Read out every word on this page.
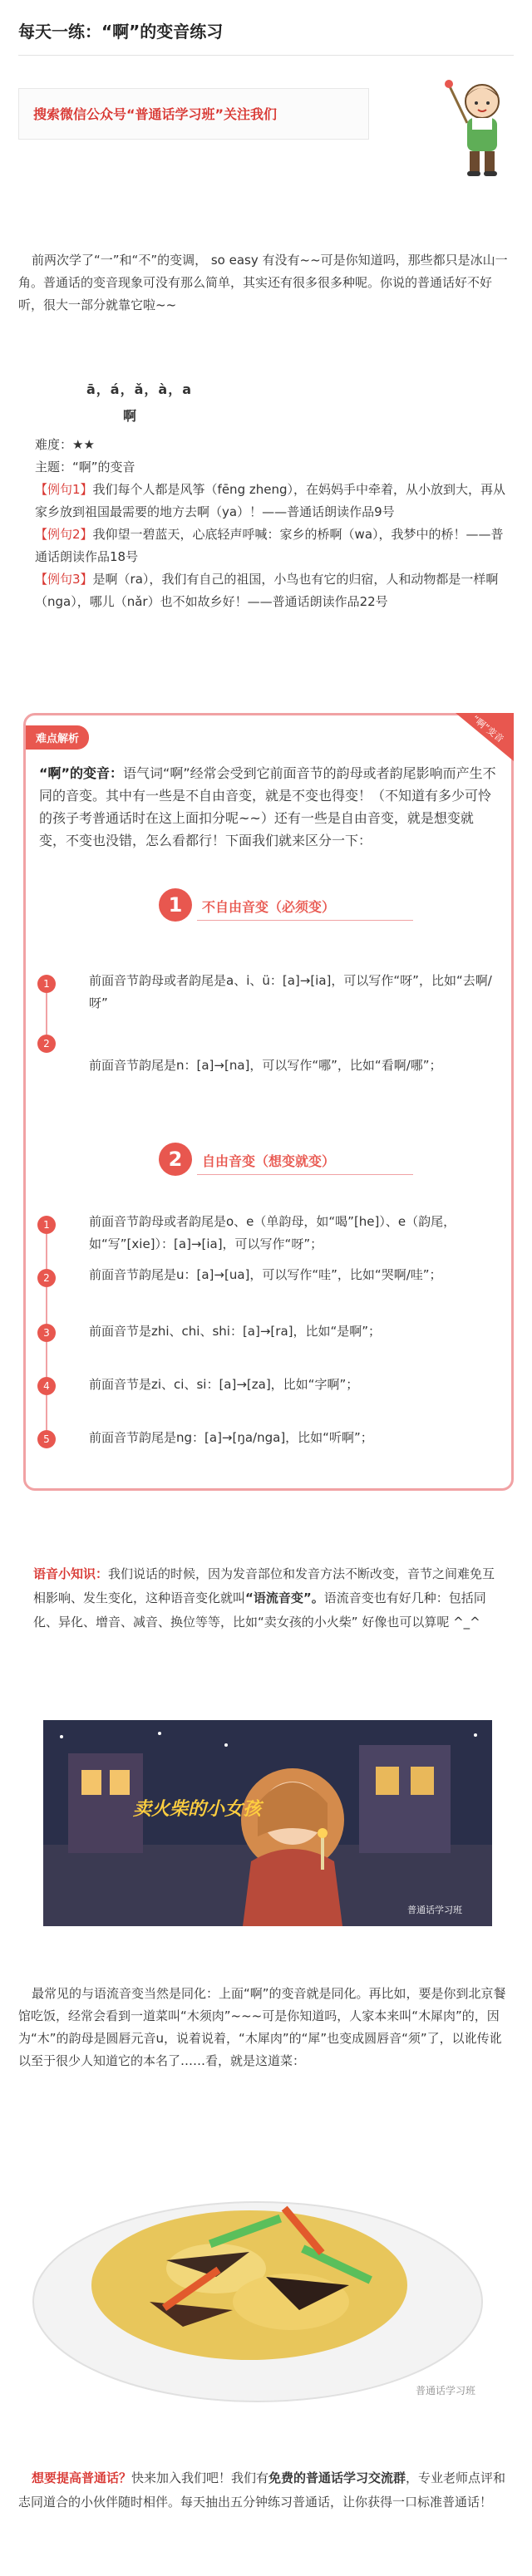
每天一练：“啊”的变音练习
搜索微信公众号“普通话学习班”关注我们

前两次学了“一”和“不”的变调， so easy 有没有~~可是你知道吗，那些都只是冰山一角。普通话的变音现象可没有那么简单，其实还有很多很多种呢。你说的普通话好不好听，很大一部分就靠它啦~~

ā，á，ǎ，à，a
啊

难度：★★

主题：“啊”的变音

【例句1】我们每个人都是风筝（fēng zheng），在妈妈手中牵着，从小放到大，再从家乡放到祖国最需要的地方去啊（ya）！——普通话朗读作品9号

【例句2】我仰望一碧蓝天，心底轻声呼喊：家乡的桥啊（wa），我梦中的桥！——普通话朗读作品18号

【例句3】是啊（ra），我们有自己的祖国，小鸟也有它的归宿，人和动物都是一样啊（nga），哪儿（nǎr）也不如故乡好！——普通话朗读作品22号

难点解析	“啊”变音

“啊”的变音：语气词“啊”经常会受到它前面音节的韵母或者韵尾影响而产生不同的音变。其中有一些是不自由音变，就是不变也得变！（不知道有多少可怜的孩子考普通话时在这上面扣分呢~~）还有一些是自由音变，就是想变就变，不变也没错，怎么看都行！下面我们就来区分一下：

1	不自由音变（必须变）
1	前面音节韵母或者韵尾是a、i、ü：[a]→[ia]，可以写作“呀”，比如“去啊/呀”

2

前面音节韵尾是n：[a]→[na]，可以写作“哪”，比如“看啊/哪”；

2	自由音变（想变就变）
1	前面音节韵母或者韵尾是o、e（单韵母，如“喝”[he]）、e（韵尾，如“写”[xie]）：[a]→[ia]，可以写作“呀”；

2	前面音节韵尾是u：[a]→[ua]，可以写作“哇”，比如“哭啊/哇”；

3	前面音节是zhi、chi、shi：[a]→[ra]，比如“是啊”；

4	前面音节是zi、ci、si：[a]→[za]，比如“字啊”；

5	前面音节韵尾是ng：[a]→[ŋa/nga]，比如“听啊”；

语音小知识：我们说话的时候，因为发音部位和发音方法不断改变，音节之间难免互相影响、发生变化，这种语音变化就叫“语流音变”。语流音变也有好几种：包括同化、异化、增音、减音、换位等等，比如“卖女孩的小火柴” 好像也可以算呢 ^_^

卖火柴的小女孩
普通话学习班

最常见的与语流音变当然是同化：上面“啊”的变音就是同化。再比如，要是你到北京餐馆吃饭，经常会看到一道菜叫“木须肉”~~~可是你知道吗，人家本来叫“木犀肉”的，因为“木”的韵母是圆唇元音u，说着说着，“木犀肉”的“犀”也变成圆唇音“须”了，以讹传讹以至于很少人知道它的本名了……看，就是这道菜：

普通话学习班

想要提高普通话？快来加入我们吧！我们有免费的普通话学习交流群，专业老师点评和志同道合的小伙伴随时相伴。每天抽出五分钟练习普通话，让你获得一口标准普通话！
